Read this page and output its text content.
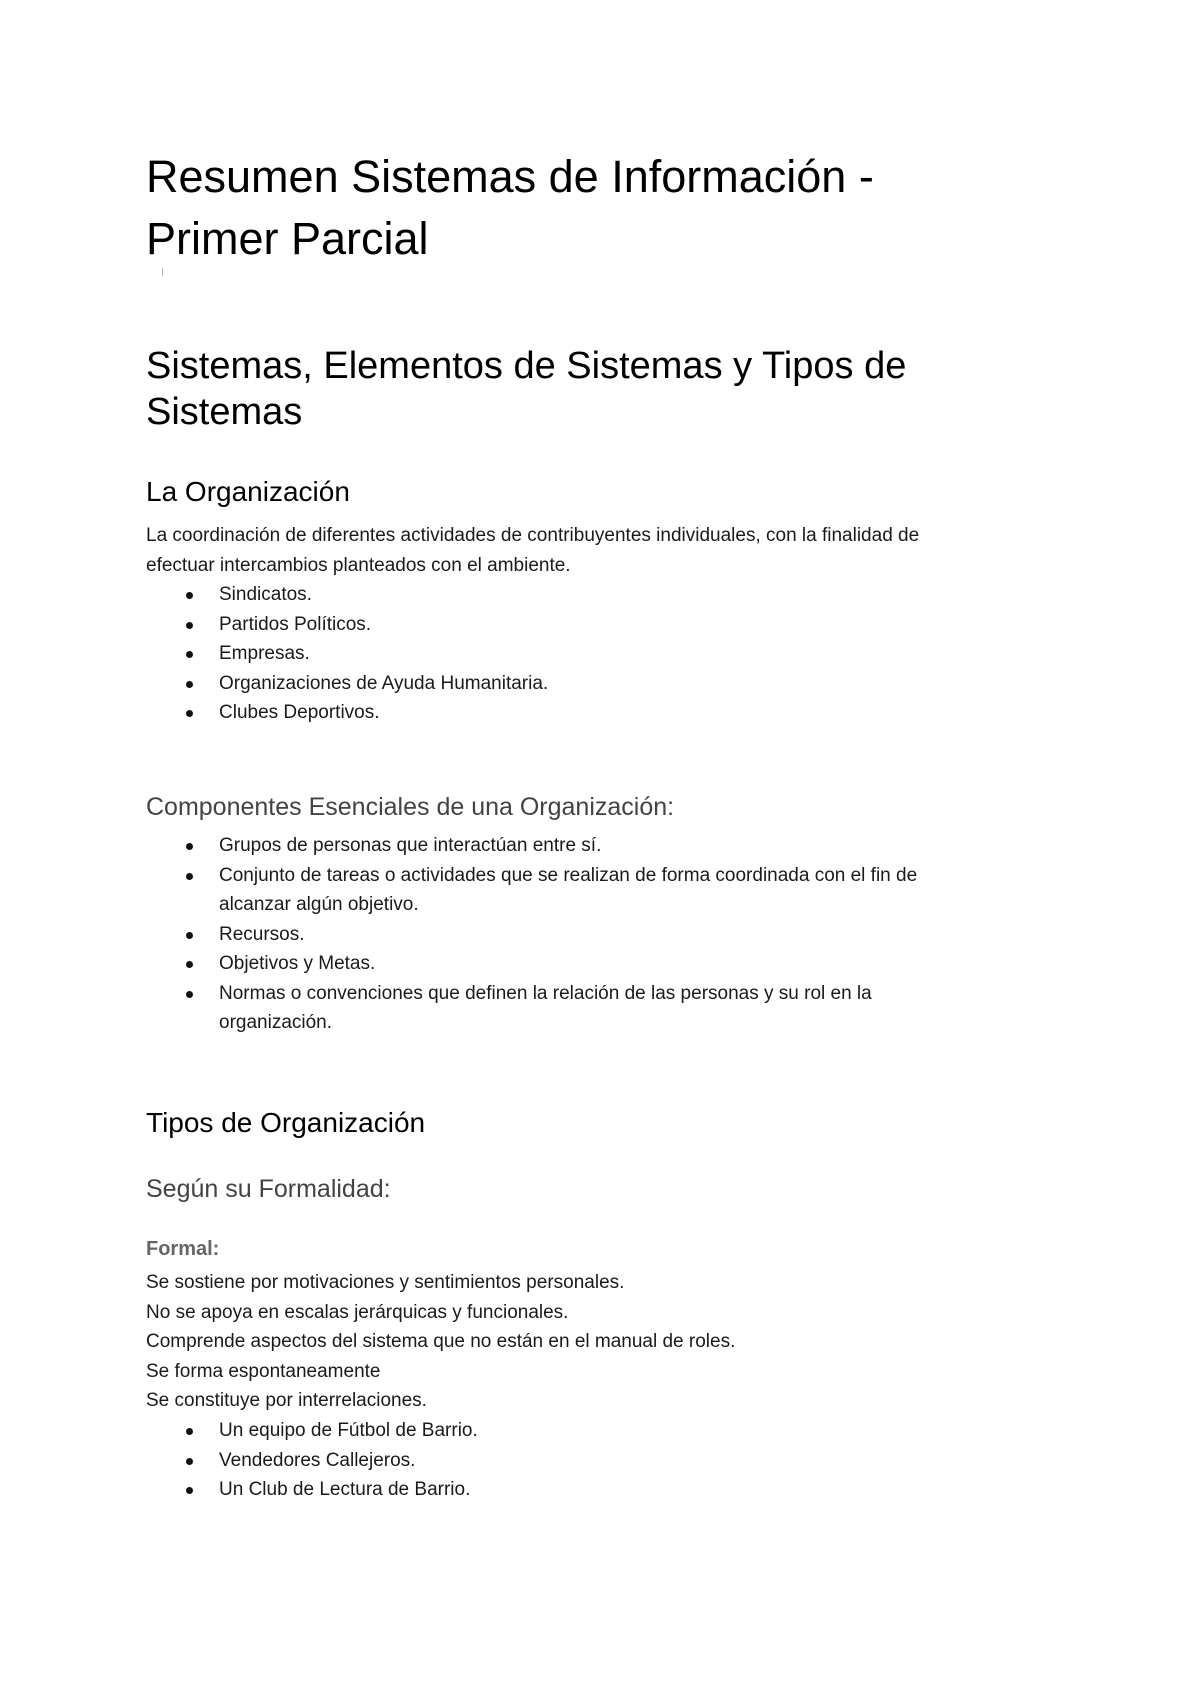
Resumen Sistemas de Información -
Primer Parcial
Sistemas, Elementos de Sistemas y Tipos de
Sistemas
La Organización

La coordinación de diferentes actividades de contribuyentes individuales, con la finalidad de
efectuar intercambios planteados con el ambiente.

Sindicatos.
Partidos Políticos.
Empresas.
Organizaciones de Ayuda Humanitaria.
Clubes Deportivos.
Componentes Esenciales de una Organización:
Grupos de personas que interactúan entre sí.
Conjunto de tareas o actividades que se realizan de forma coordinada con el fin de alcanzar algún objetivo.
Recursos.
Objetivos y Metas.
Normas o convenciones que definen la relación de las personas y su rol en la organización.
Tipos de Organización
Según su Formalidad:
Formal:

Se sostiene por motivaciones y sentimientos personales.
No se apoya en escalas jerárquicas y funcionales.
Comprende aspectos del sistema que no están en el manual de roles.
Se forma espontaneamente
Se constituye por interrelaciones.

Un equipo de Fútbol de Barrio.
Vendedores Callejeros.
Un Club de Lectura de Barrio.
